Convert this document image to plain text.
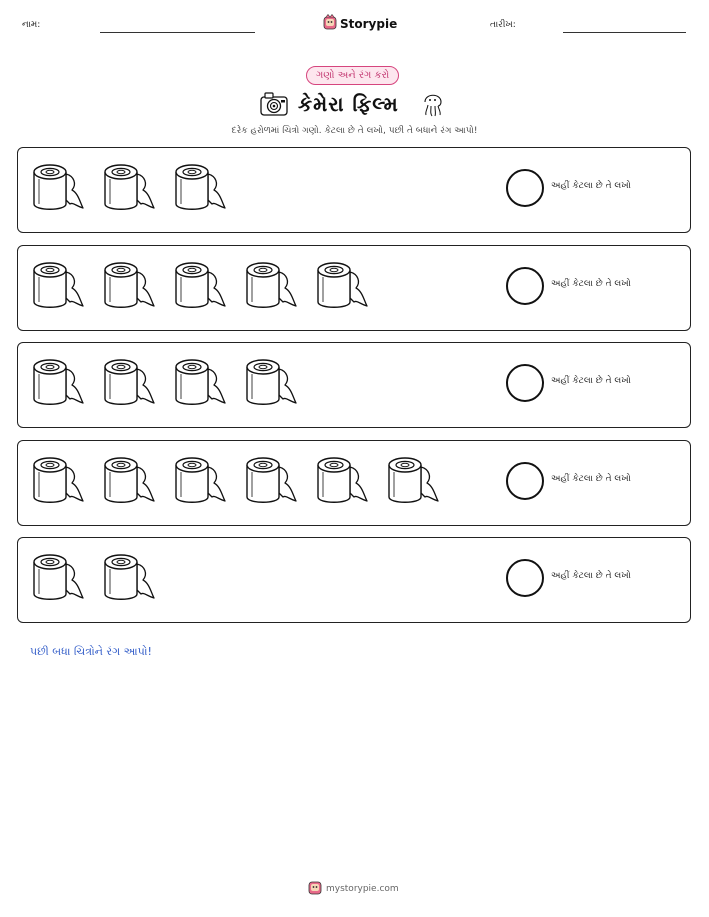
નામ:	Storypie	તારીખ:
ગણો અને રંગ કરો
કેમેરા ફિલ્મ
દરેક હરોળમાં ચિત્રો ગણો. કેટલા છે તે લખો, પછી તે બધાને રંગ આપો!
અહીં કેટલા છે તે લખો
અહીં કેટલા છે તે લખો
અહીં કેટલા છે તે લખો
અહીં કેટલા છે તે લખો
અહીં કેટલા છે તે લખો
પછી બધા ચિત્રોને રંગ આપો!
mystorypie.com
